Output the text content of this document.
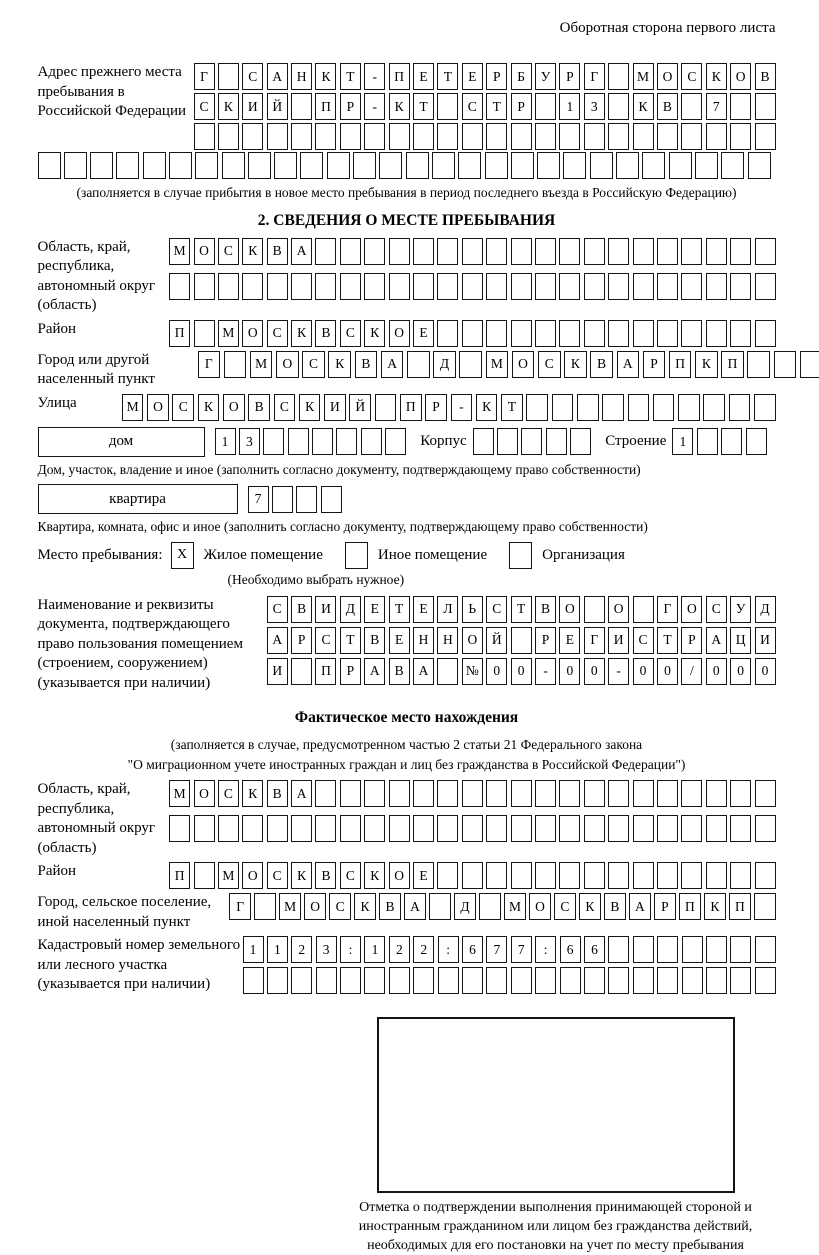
Оборотная сторона первого листа
Адрес прежнего места пребывания в Российской Федерации
Г	С	А	Н	К	Т	-	П	Е	Т	Е	Р	Б	У	Р	Г	М	О	С	К	О	В
С	К	И	Й	П	Р	-	К	Т	С	Т	Р	1	3	К	В	7
(заполняется в случае прибытия в новое место пребывания в период последнего въезда в Российскую Федерацию)
2. СВЕДЕНИЯ О МЕСТЕ ПРЕБЫВАНИЯ
Область, край, республика, автономный округ (область)
М	О	С	К	В	А
Район	П	М	О	С	К	В	С	К	О	Е
Город или другой населенный пункт
Г	М	О	С	К	В	А	Д	М	О	С	К	В	А	Р	П	К	П
Улица	М	О	С	К	О	В	С	К	И	Й	П	Р	-	К	Т
дом	1	3	Корпус	Строение 1
Дом, участок, владение и иное (заполнить согласно документу, подтверждающему право собственности)
квартира	7
Квартира, комната, офис и иное (заполнить согласно документу, подтверждающему право собственности)
Место пребывания:	X	Жилое помещение	Иное помещение	Организация
(Необходимо выбрать нужное)
Наименование и реквизиты документа, подтверждающего право пользования помещением (строением, сооружением) (указывается при наличии)
С	В	И	Д	Е	Т	Е	Л	Ь	С	Т	В	О	О	Г	О	С	У	Д
А	Р	С	Т	В	Е	Н	Н	О	Й	Р	Е	Г	И	С	Т	Р	А	Ц	И
И	П	Р	А	В	А	№	0	0	-	0	0	-	0	0	/	0	0	0
Фактическое место нахождения
(заполняется в случае, предусмотренном частью 2 статьи 21 Федерального закона
"О миграционном учете иностранных граждан и лиц без гражданства в Российской Федерации")
Область, край, республика, автономный округ (область)
М	О	С	К	В	А
Район	П	М	О	С	К	В	С	К	О	Е
Город, сельское поселение, иной населенный пункт
Г	М	О	С	К	В	А	Д	М	О	С	К	В	А	Р	П	К	П
Кадастровый номер земельного или лесного участка (указывается при наличии)
1	1	2	3	:	1	2	2	:	6	7	7	:	6	6
Отметка о подтверждении выполнения принимающей стороной и иностранным гражданином или лицом без гражданства действий, необходимых для его постановки на учет по месту пребывания
